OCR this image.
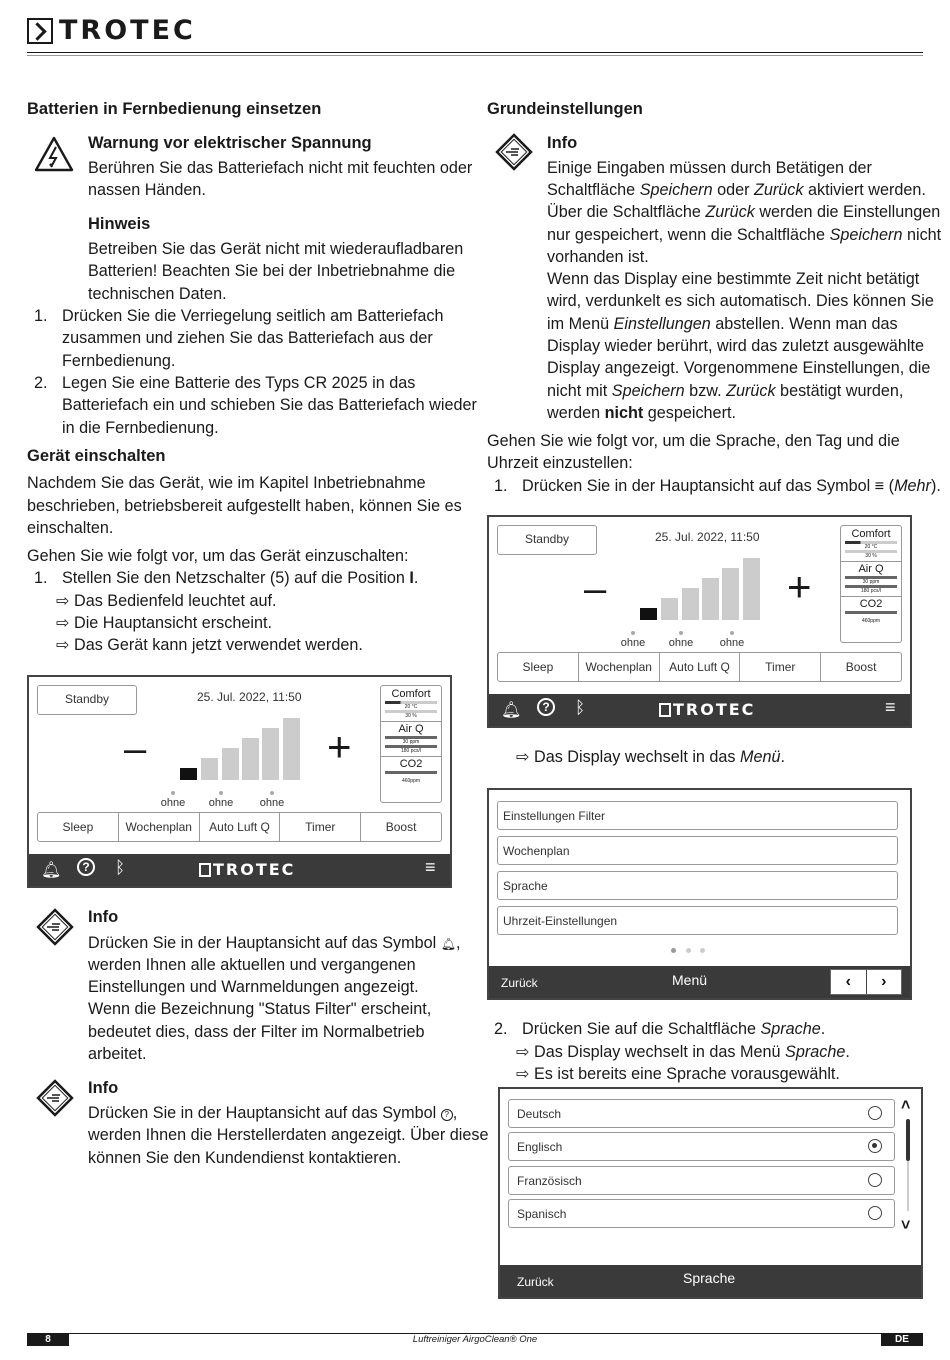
TROTEC
Batterien in Fernbedienung einsetzen
Warnung vor elektrischer Spannung
Berühren Sie das Batteriefach nicht mit feuchten oder
nassen Händen.
Hinweis
Betreiben Sie das Gerät nicht mit wiederaufladbaren
Batterien! Beachten Sie bei der Inbetriebnahme die
technischen Daten.
1. Drücken Sie die Verriegelung seitlich am Batteriefach
zusammen und ziehen Sie das Batteriefach aus der
Fernbedienung.
2. Legen Sie eine Batterie des Typs CR 2025 in das
Batteriefach ein und schieben Sie das Batteriefach wieder
in die Fernbedienung.
Gerät einschalten
Nachdem Sie das Gerät, wie im Kapitel Inbetriebnahme
beschrieben, betriebsbereit aufgestellt haben, können Sie es
einschalten.
Gehen Sie wie folgt vor, um das Gerät einzuschalten:
1. Stellen Sie den Netzschalter (5) auf die Position I.
⇨ Das Bedienfeld leuchtet auf.
⇨ Die Hauptansicht erscheint.
⇨ Das Gerät kann jetzt verwendet werden.
Standby	25. Jul. 2022, 11:50
–	+
ohne ohne ohne
Comfort
20 °C
30 %
Air Q
30 ppm
180 pcs/l
CO2
460ppm
Sleep	Wochenplan	Auto Luft Q	Timer	Boost
🔔︎	?	ᛒ	TROTEC	≡
Info
Drücken Sie in der Hauptansicht auf das Symbol 🔔︎,
werden Ihnen alle aktuellen und vergangenen
Einstellungen und Warnmeldungen angezeigt.
Wenn die Bezeichnung "Status Filter" erscheint,
bedeutet dies, dass der Filter im Normalbetrieb
arbeitet.
Info
Drücken Sie in der Hauptansicht auf das Symbol ? ,
werden Ihnen die Herstellerdaten angezeigt. Über diese
können Sie den Kundendienst kontaktieren.
Grundeinstellungen
Info
Einige Eingaben müssen durch Betätigen der
Schaltfläche Speichern oder Zurück aktiviert werden.
Über die Schaltfläche Zurück werden die Einstellungen
nur gespeichert, wenn die Schaltfläche Speichern nicht
vorhanden ist.
Wenn das Display eine bestimmte Zeit nicht betätigt
wird, verdunkelt es sich automatisch. Dies können Sie
im Menü Einstellungen abstellen. Wenn man das
Display wieder berührt, wird das zuletzt ausgewählte
Display angezeigt. Vorgenommene Einstellungen, die
nicht mit Speichern bzw. Zurück bestätigt wurden,
werden nicht gespeichert.
Gehen Sie wie folgt vor, um die Sprache, den Tag und die
Uhrzeit einzustellen:
1. Drücken Sie in der Hauptansicht auf das Symbol ≡ (Mehr).
Standby	25. Jul. 2022, 11:50
–	+
ohne ohne ohne
Comfort
20 °C
30 %
Air Q
30 ppm
180 pcs/l
CO2
460ppm
Sleep	Wochenplan	Auto Luft Q	Timer	Boost
🔔︎	?	ᛒ	TROTEC	≡
⇨ Das Display wechselt in das Menü.
Einstellungen Filter
Wochenplan
Sprache
Uhrzeit-Einstellungen
Zurück	Menü	‹	›
2. Drücken Sie auf die Schaltfläche Sprache.
⇨ Das Display wechselt in das Menü Sprache.
⇨ Es ist bereits eine Sprache vorausgewählt.
Deutsch
Englisch
Französisch
Spanisch
˄
˅
Zurück	Sprache
8	Luftreiniger AirgoClean® One	DE
